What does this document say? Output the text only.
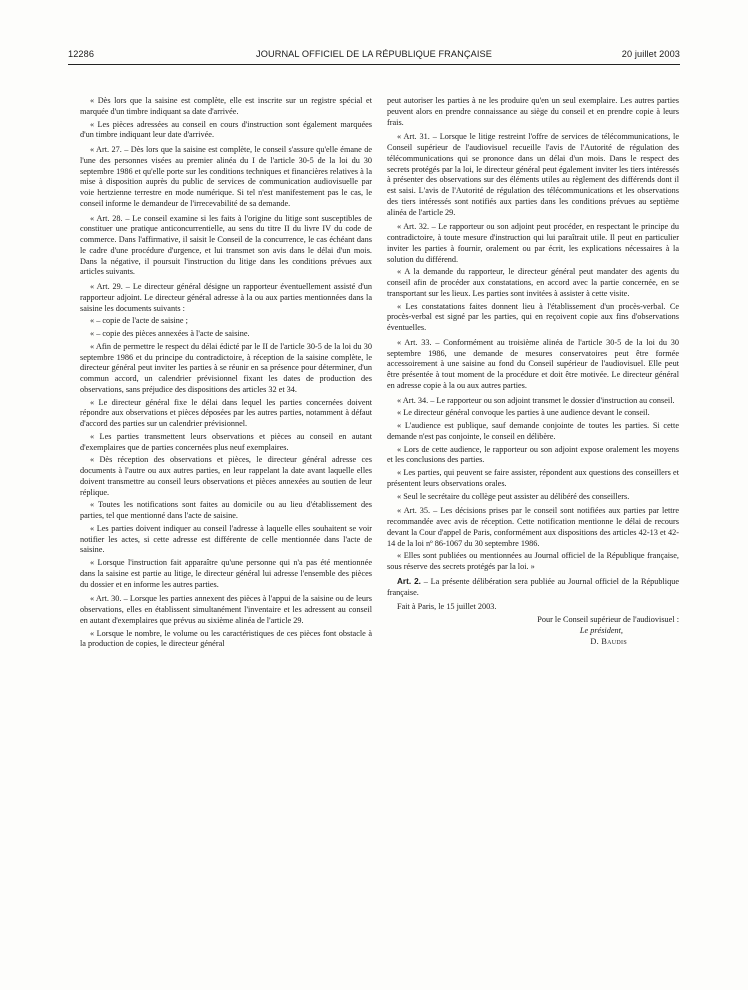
12286	JOURNAL OFFICIEL DE LA RÉPUBLIQUE FRANÇAISE	20 juillet 2003

« Dès lors que la saisine est complète, elle est inscrite sur un registre spécial et marquée d'un timbre indiquant sa date d'arrivée.

« Les pièces adressées au conseil en cours d'instruction sont également marquées d'un timbre indiquant leur date d'arrivée.

« Art. 27. – Dès lors que la saisine est complète, le conseil s'assure qu'elle émane de l'une des personnes visées au premier alinéa du I de l'article 30-5 de la loi du 30 septembre 1986 et qu'elle porte sur les conditions techniques et financières relatives à la mise à disposition auprès du public de services de communication audiovisuelle par voie hertzienne terrestre en mode numérique. Si tel n'est manifestement pas le cas, le conseil informe le demandeur de l'irrecevabilité de sa demande.

« Art. 28. – Le conseil examine si les faits à l'origine du litige sont susceptibles de constituer une pratique anticoncurrentielle, au sens du titre II du livre IV du code de commerce. Dans l'affirmative, il saisit le Conseil de la concurrence, le cas échéant dans le cadre d'une procédure d'urgence, et lui transmet son avis dans le délai d'un mois. Dans la négative, il poursuit l'instruction du litige dans les conditions prévues aux articles suivants.

« Art. 29. – Le directeur général désigne un rapporteur éventuellement assisté d'un rapporteur adjoint. Le directeur général adresse à la ou aux parties mentionnées dans la saisine les documents suivants :

« – copie de l'acte de saisine ;

« – copie des pièces annexées à l'acte de saisine.

« Afin de permettre le respect du délai édicté par le II de l'article 30-5 de la loi du 30 septembre 1986 et du principe du contradictoire, à réception de la saisine complète, le directeur général peut inviter les parties à se réunir en sa présence pour déterminer, d'un commun accord, un calendrier prévisionnel fixant les dates de production des observations, sans préjudice des dispositions des articles 32 et 34.

« Le directeur général fixe le délai dans lequel les parties concernées doivent répondre aux observations et pièces déposées par les autres parties, notamment à défaut d'accord des parties sur un calendrier prévisionnel.

« Les parties transmettent leurs observations et pièces au conseil en autant d'exemplaires que de parties concernées plus neuf exemplaires.

« Dès réception des observations et pièces, le directeur général adresse ces documents à l'autre ou aux autres parties, en leur rappelant la date avant laquelle elles doivent transmettre au conseil leurs observations et pièces annexées au soutien de leur réplique.

« Toutes les notifications sont faites au domicile ou au lieu d'établissement des parties, tel que mentionné dans l'acte de saisine.

« Les parties doivent indiquer au conseil l'adresse à laquelle elles souhaitent se voir notifier les actes, si cette adresse est différente de celle mentionnée dans l'acte de saisine.

« Lorsque l'instruction fait apparaître qu'une personne qui n'a pas été mentionnée dans la saisine est partie au litige, le directeur général lui adresse l'ensemble des pièces du dossier et en informe les autres parties.

« Art. 30. – Lorsque les parties annexent des pièces à l'appui de la saisine ou de leurs observations, elles en établissent simultanément l'inventaire et les adressent au conseil en autant d'exemplaires que prévus au sixième alinéa de l'article 29.

« Lorsque le nombre, le volume ou les caractéristiques de ces pièces font obstacle à la production de copies, le directeur général

peut autoriser les parties à ne les produire qu'en un seul exemplaire. Les autres parties peuvent alors en prendre connaissance au siège du conseil et en prendre copie à leurs frais.

« Art. 31. – Lorsque le litige restreint l'offre de services de télécommunications, le Conseil supérieur de l'audiovisuel recueille l'avis de l'Autorité de régulation des télécommunications qui se prononce dans un délai d'un mois. Dans le respect des secrets protégés par la loi, le directeur général peut également inviter les tiers intéressés à présenter des observations sur des éléments utiles au règlement des différends dont il est saisi. L'avis de l'Autorité de régulation des télécommunications et les observations des tiers intéressés sont notifiés aux parties dans les conditions prévues au septième alinéa de l'article 29.

« Art. 32. – Le rapporteur ou son adjoint peut procéder, en respectant le principe du contradictoire, à toute mesure d'instruction qui lui paraîtrait utile. Il peut en particulier inviter les parties à fournir, oralement ou par écrit, les explications nécessaires à la solution du différend.

« A la demande du rapporteur, le directeur général peut mandater des agents du conseil afin de procéder aux constatations, en accord avec la partie concernée, en se transportant sur les lieux. Les parties sont invitées à assister à cette visite.

« Les constatations faites donnent lieu à l'établissement d'un procès-verbal. Ce procès-verbal est signé par les parties, qui en reçoivent copie aux fins d'observations éventuelles.

« Art. 33. – Conformément au troisième alinéa de l'article 30-5 de la loi du 30 septembre 1986, une demande de mesures conservatoires peut être formée accessoirement à une saisine au fond du Conseil supérieur de l'audiovisuel. Elle peut être présentée à tout moment de la procédure et doit être motivée. Le directeur général en adresse copie à la ou aux autres parties.

« Art. 34. – Le rapporteur ou son adjoint transmet le dossier d'instruction au conseil.

« Le directeur général convoque les parties à une audience devant le conseil.

« L'audience est publique, sauf demande conjointe de toutes les parties. Si cette demande n'est pas conjointe, le conseil en délibère.

« Lors de cette audience, le rapporteur ou son adjoint expose oralement les moyens et les conclusions des parties.

« Les parties, qui peuvent se faire assister, répondent aux questions des conseillers et présentent leurs observations orales.

« Seul le secrétaire du collège peut assister au délibéré des conseillers.

« Art. 35. – Les décisions prises par le conseil sont notifiées aux parties par lettre recommandée avec avis de réception. Cette notification mentionne le délai de recours devant la Cour d'appel de Paris, conformément aux dispositions des articles 42-13 et 42-14 de la loi nº 86-1067 du 30 septembre 1986.

« Elles sont publiées ou mentionnées au Journal officiel de la République française, sous réserve des secrets protégés par la loi. »

Art. 2. – La présente délibération sera publiée au Journal officiel de la République française.

Fait à Paris, le 15 juillet 2003.

Pour le Conseil supérieur de l'audiovisuel :

Le président,

D. Baudis
